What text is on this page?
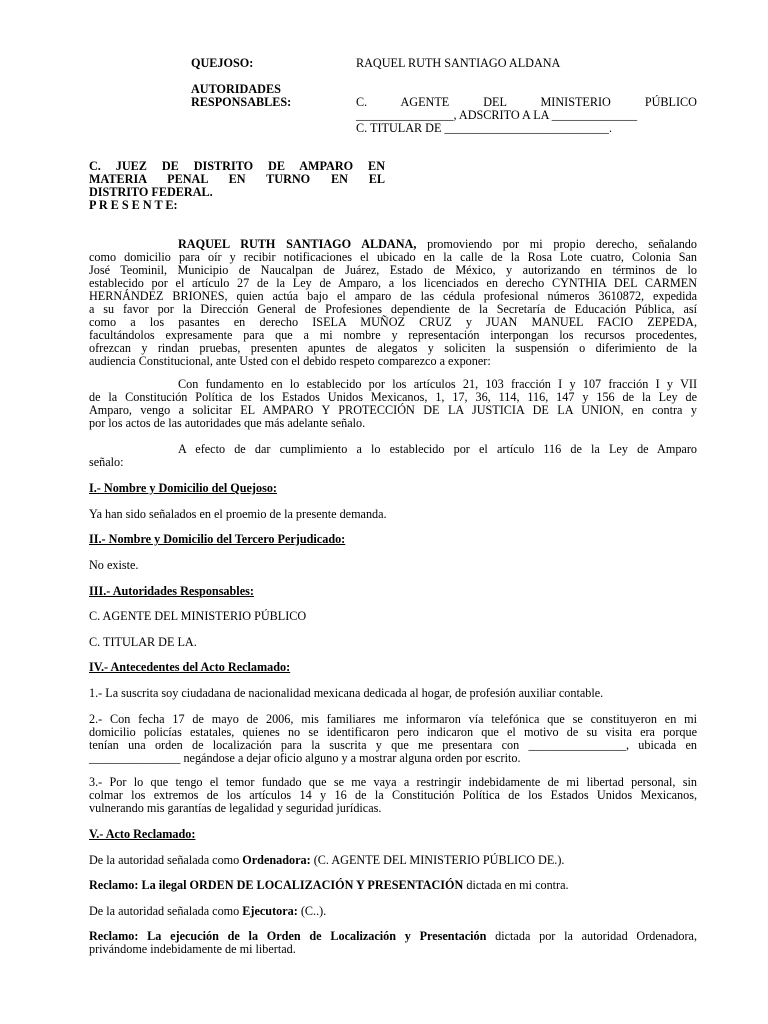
QUEJOSO:	RAQUEL RUTH SANTIAGO ALDANA
AUTORIDADES
RESPONSABLES:	C. AGENTE DEL MINISTERIO PÚBLICO
________________, ADSCRITO A LA ______________
C. TITULAR DE ___________________________.
C. JUEZ DE DISTRITO DE AMPARO EN
MATERIA PENAL EN TURNO EN EL
DISTRITO FEDERAL.
P R E S E N T E:
RAQUEL RUTH SANTIAGO ALDANA, promoviendo por mi propio derecho, señalando
como domicilio para oír y recibir notificaciones el ubicado en la calle de la Rosa Lote cuatro, Colonia San
José Teominil, Municipio de Naucalpan de Juárez, Estado de México, y autorizando en términos de lo
establecido por el artículo 27 de la Ley de Amparo, a los licenciados en derecho CYNTHIA DEL CARMEN
HERNÁNDEZ BRIONES, quien actúa bajo el amparo de las cédula profesional números 3610872, expedida
a su favor por la Dirección General de Profesiones dependiente de la Secretaría de Educación Pública, así
como a los pasantes en derecho ISELA MUÑOZ CRUZ y JUAN MANUEL FACIO ZEPEDA,
facultándolos expresamente para que a mi nombre y representación interpongan los recursos procedentes,
ofrezcan y rindan pruebas, presenten apuntes de alegatos y soliciten la suspensión o diferimiento de la
audiencia Constitucional, ante Usted con el debido respeto comparezco a exponer:
Con fundamento en lo establecido por los artículos 21, 103 fracción I y 107 fracción I y VII
de la Constitución Política de los Estados Unidos Mexicanos, 1, 17, 36, 114, 116, 147 y 156 de la Ley de
Amparo, vengo a solicitar EL AMPARO Y PROTECCIÓN DE LA JUSTICIA DE LA UNION, en contra y
por los actos de las autoridades que más adelante señalo.
A efecto de dar cumplimiento a lo establecido por el artículo 116 de la Ley de Amparo
señalo:
I.- Nombre y Domicilio del Quejoso:
Ya han sido señalados en el proemio de la presente demanda.
II.- Nombre y Domicilio del Tercero Perjudicado:
No existe.
III.- Autoridades Responsables:
C. AGENTE DEL MINISTERIO PÚBLICO
C. TITULAR DE LA.
IV.- Antecedentes del Acto Reclamado:
1.- La suscrita soy ciudadana de nacionalidad mexicana dedicada al hogar, de profesión auxiliar contable.
2.- Con fecha 17 de mayo de 2006, mis familiares me informaron vía telefónica que se constituyeron en mi
domicilio policías estatales, quienes no se identificaron pero indicaron que el motivo de su visita era porque
tenían una orden de localización para la suscrita y que me presentara con ________________, ubicada en
_______________ negándose a dejar oficio alguno y a mostrar alguna orden por escrito.
3.- Por lo que tengo el temor fundado que se me vaya a restringir indebidamente de mi libertad personal, sin
colmar los extremos de los artículos 14 y 16 de la Constitución Política de los Estados Unidos Mexicanos,
vulnerando mis garantías de legalidad y seguridad jurídicas.
V.- Acto Reclamado:
De la autoridad señalada como Ordenadora: (C. AGENTE DEL MINISTERIO PÚBLICO DE.).
Reclamo: La ilegal ORDEN DE LOCALIZACIÓN Y PRESENTACIÓN dictada en mi contra.
De la autoridad señalada como Ejecutora: (C..).
Reclamo: La ejecución de la Orden de Localización y Presentación dictada por la autoridad Ordenadora,
privándome indebidamente de mi libertad.
